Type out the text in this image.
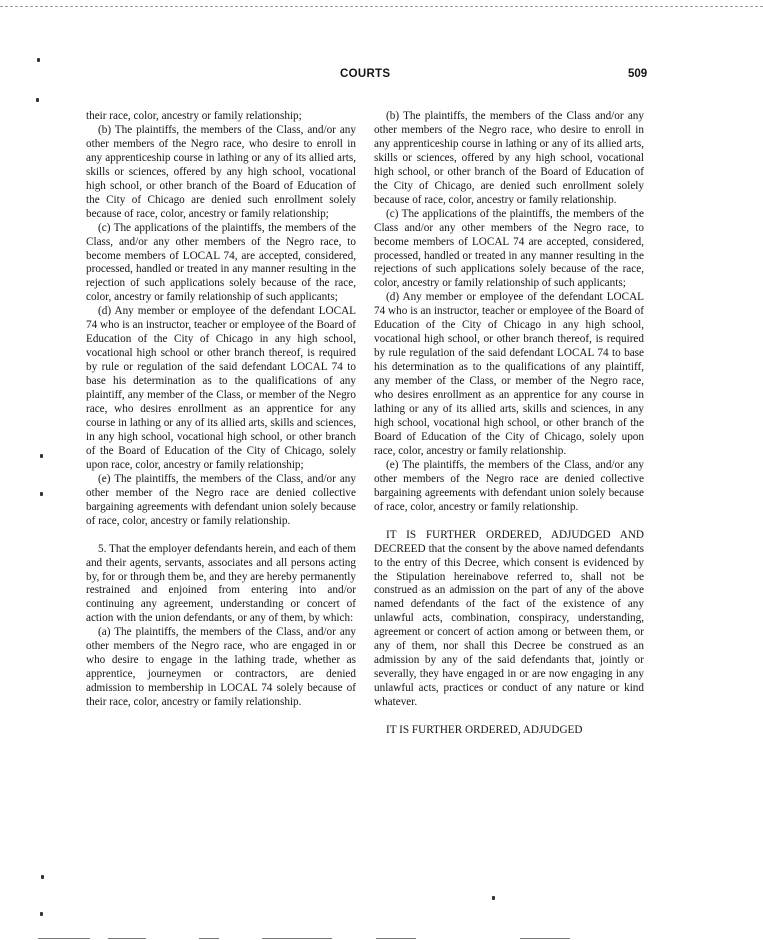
COURTS	509

their race, color, ancestry or family relationship;

(b) The plaintiffs, the members of the Class, and/or any other members of the Negro race, who desire to enroll in any apprenticeship course in lathing or any of its allied arts, skills or sciences, offered by any high school, vocational high school, or other branch of the Board of Education of the City of Chicago are denied such enrollment solely because of race, color, ancestry or family relationship;

(c) The applications of the plaintiffs, the members of the Class, and/or any other members of the Negro race, to become members of LOCAL 74, are accepted, considered, processed, handled or treated in any manner resulting in the rejection of such applications solely because of the race, color, ancestry or family relationship of such applicants;

(d) Any member or employee of the defendant LOCAL 74 who is an instructor, teacher or employee of the Board of Education of the City of Chicago in any high school, vocational high school or other branch thereof, is required by rule or regulation of the said defendant LOCAL 74 to base his determination as to the qualifications of any plaintiff, any member of the Class, or member of the Negro race, who desires enrollment as an apprentice for any course in lathing or any of its allied arts, skills and sciences, in any high school, vocational high school, or other branch of the Board of Education of the City of Chicago, solely upon race, color, ancestry or family relationship;

(e) The plaintiffs, the members of the Class, and/or any other member of the Negro race are denied collective bargaining agreements with defendant union solely because of race, color, ancestry or family relationship.

5. That the employer defendants herein, and each of them and their agents, servants, associates and all persons acting by, for or through them be, and they are hereby permanently restrained and enjoined from entering into and/or continuing any agreement, understanding or concert of action with the union defendants, or any of them, by which:

(a) The plaintiffs, the members of the Class, and/or any other members of the Negro race, who are engaged in or who desire to engage in the lathing trade, whether as apprentice, journeymen or contractors, are denied admission to membership in LOCAL 74 solely because of their race, color, ancestry or family relationship.

(b) The plaintiffs, the members of the Class and/or any other members of the Negro race, who desire to enroll in any apprenticeship course in lathing or any of its allied arts, skills or sciences, offered by any high school, vocational high school, or other branch of the Board of Education of the City of Chicago, are denied such enrollment solely because of race, color, ancestry or family relationship.

(c) The applications of the plaintiffs, the members of the Class and/or any other members of the Negro race, to become members of LOCAL 74 are accepted, considered, processed, handled or treated in any manner resulting in the rejections of such applications solely because of the race, color, ancestry or family relationship of such applicants;

(d) Any member or employee of the defendant LOCAL 74 who is an instructor, teacher or employee of the Board of Education of the City of Chicago in any high school, vocational high school, or other branch thereof, is required by rule regulation of the said defendant LOCAL 74 to base his determination as to the qualifications of any plaintiff, any member of the Class, or member of the Negro race, who desires enrollment as an apprentice for any course in lathing or any of its allied arts, skills and sciences, in any high school, vocational high school, or other branch of the Board of Education of the City of Chicago, solely upon race, color, ancestry or family relationship.

(e) The plaintiffs, the members of the Class, and/or any other members of the Negro race are denied collective bargaining agreements with defendant union solely because of race, color, ancestry or family relationship.

IT IS FURTHER ORDERED, ADJUDGED AND DECREED that the consent by the above named defendants to the entry of this Decree, which consent is evidenced by the Stipulation hereinabove referred to, shall not be construed as an admission on the part of any of the above named defendants of the fact of the existence of any unlawful acts, combination, conspiracy, understanding, agreement or concert of action among or between them, or any of them, nor shall this Decree be construed as an admission by any of the said defendants that, jointly or severally, they have engaged in or are now engaging in any unlawful acts, practices or conduct of any nature or kind whatever.

IT IS FURTHER ORDERED, ADJUDGED
